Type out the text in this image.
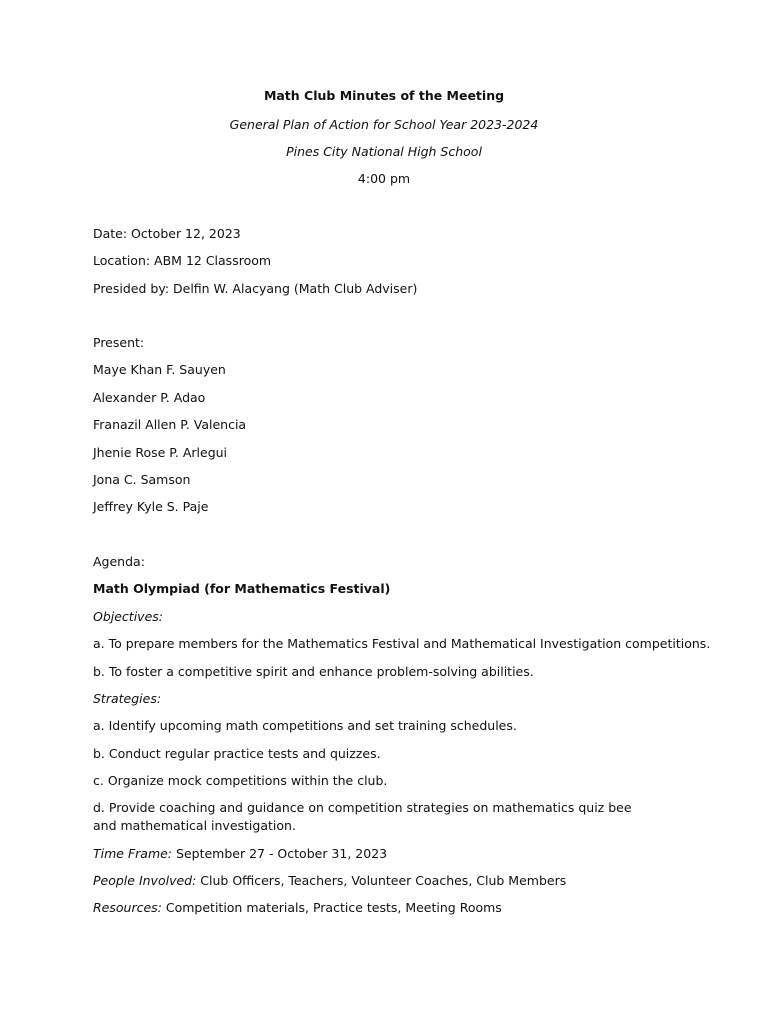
Math Club Minutes of the Meeting
General Plan of Action for School Year 2023-2024
Pines City National High School
4:00 pm
Date: October 12, 2023
Location: ABM 12 Classroom
Presided by: Delfin W. Alacyang (Math Club Adviser)
Present:
Maye Khan F. Sauyen
Alexander P. Adao
Franazil Allen P. Valencia
Jhenie Rose P. Arlegui
Jona C. Samson
Jeffrey Kyle S. Paje
Agenda:
Math Olympiad (for Mathematics Festival)
Objectives:
a. To prepare members for the Mathematics Festival and Mathematical Investigation competitions.
b. To foster a competitive spirit and enhance problem-solving abilities.
Strategies:
a. Identify upcoming math competitions and set training schedules.
b. Conduct regular practice tests and quizzes.
c. Organize mock competitions within the club.
d. Provide coaching and guidance on competition strategies on mathematics quiz bee and mathematical investigation.
Time Frame: September 27 - October 31, 2023
People Involved: Club Officers, Teachers, Volunteer Coaches, Club Members
Resources: Competition materials, Practice tests, Meeting Rooms
